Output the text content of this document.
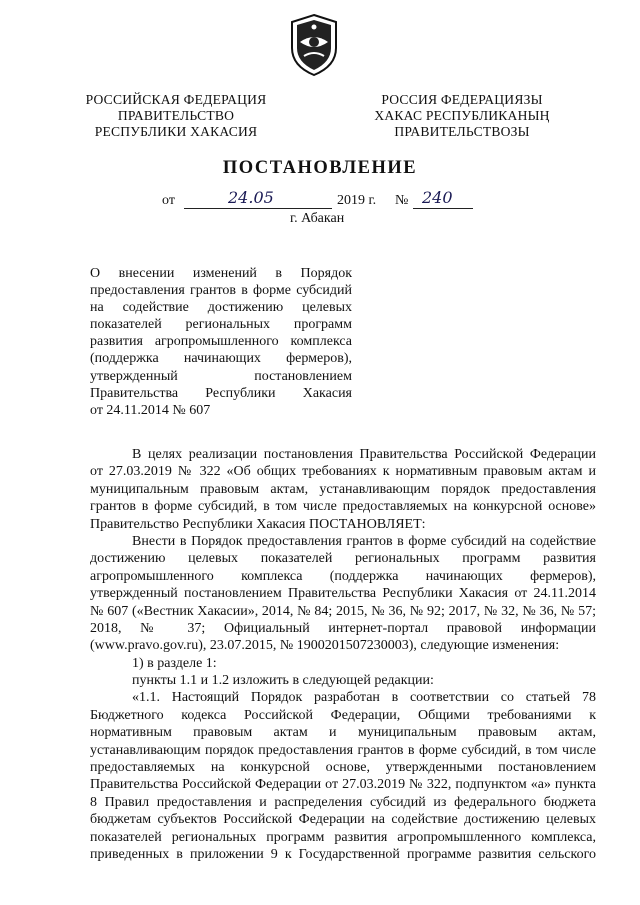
РОССИЙСКАЯ ФЕДЕРАЦИЯ
ПРАВИТЕЛЬСТВО
РЕСПУБЛИКИ ХАКАСИЯ
РОССИЯ ФЕДЕРАЦИЯЗЫ
ХАКАС РЕСПУБЛИКАНЫҢ
ПРАВИТЕЛЬСТВОЗЫ
ПОСТАНОВЛЕНИЕ
от	24.05	2019 г. № 240
г. Абакан
О внесении изменений в Порядок
предоставления грантов в форме субсидий
на содействие достижению целевых
показателей региональных программ
развития агропромышленного комплекса
(поддержка начинающих фермеров),
утвержденный постановлением
Правительства Республики Хакасия
от 24.11.2014 № 607
В целях реализации постановления Правительства Российской Федерации
от 27.03.2019 № 322 «Об общих требованиях к нормативным правовым актам и
муниципальным правовым актам, устанавливающим порядок предоставления
грантов в форме субсидий, в том числе предоставляемых на конкурсной основе»
Правительство Республики Хакасия ПОСТАНОВЛЯЕТ:
Внести в Порядок предоставления грантов в форме субсидий на содействие
достижению целевых показателей региональных программ развития
агропромышленного комплекса (поддержка начинающих фермеров),
утвержденный постановлением Правительства Республики Хакасия от 24.11.2014
№ 607 («Вестник Хакасии», 2014, № 84; 2015, № 36, № 92; 2017, № 32, № 36, № 57;
2018, № 37; Официальный интернет-портал правовой информации
(www.pravo.gov.ru), 23.07.2015, № 1900201507230003), следующие изменения:
1) в разделе 1:
пункты 1.1 и 1.2 изложить в следующей редакции:
«1.1. Настоящий Порядок разработан в соответствии со статьей 78
Бюджетного кодекса Российской Федерации, Общими требованиями к
нормативным правовым актам и муниципальным правовым актам,
устанавливающим порядок предоставления грантов в форме субсидий, в том числе
предоставляемых на конкурсной основе, утвержденными постановлением
Правительства Российской Федерации от 27.03.2019 № 322, подпунктом «а» пункта
8 Правил предоставления и распределения субсидий из федерального бюджета
бюджетам субъектов Российской Федерации на содействие достижению целевых
показателей региональных программ развития агропромышленного комплекса,
приведенных в приложении 9 к Государственной программе развития сельского
